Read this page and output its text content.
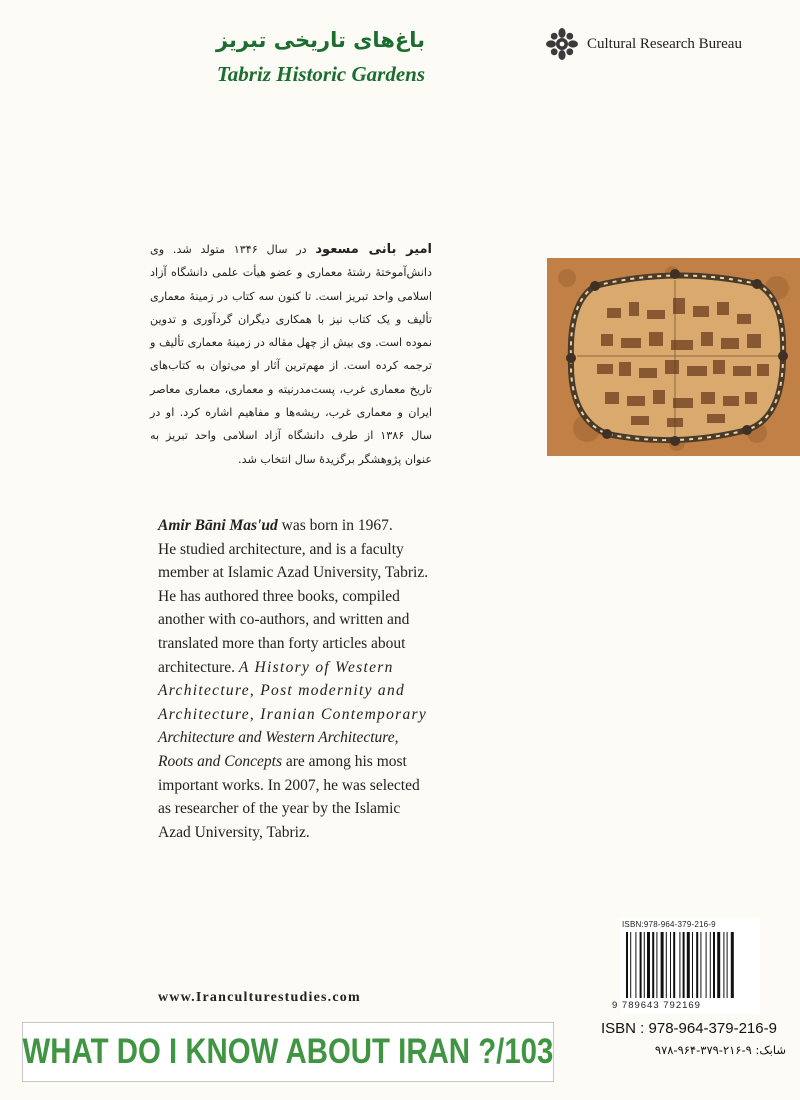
باغ‌های تاریخی تبریز
Tabriz Historic Gardens
Cultural Research Bureau
امیر بانی مسعود در سال ۱۳۴۶ متولد شد. وی دانش‌آموختهٔ رشتهٔ معماری و عضو هیأت علمی دانشگاه آزاد اسلامی واحد تبریز است. تا کنون سه کتاب در زمینهٔ معماری تألیف و یک کتاب نیز با همکاری دیگران گردآوری و تدوین نموده است. وی بیش از چهل مقاله در زمینهٔ معماری تألیف و ترجمه کرده است. از مهم‌ترین آثار او می‌توان به کتاب‌های تاریخ معماری غرب، پست‌مدرنیته و معماری، معماری معاصر ایران و معماری غرب، ریشه‌ها و مفاهیم اشاره کرد. او در سال ۱۳۸۶ از طرف دانشگاه آزاد اسلامی واحد تبریز به عنوان پژوهشگر برگزیدهٔ سال انتخاب شد.
Amir Bāni Mas'ud was born in 1967.
He studied architecture, and is a faculty
member at Islamic Azad University, Tabriz.
He has authored three books, compiled
another with co-authors, and written and
translated more than forty articles about
architecture. A History of Western
Architecture, Post modernity and
Architecture, Iranian Contemporary
Architecture and Western Architecture,
Roots and Concepts are among his most
important works. In 2007, he was selected
as researcher of the year by the Islamic
Azad University, Tabriz.
www.Iranculturestudies.com
WHAT DO I KNOW ABOUT IRAN ?/103
ISBN:978-964-379-216-9
9 789643 792169
ISBN : 978-964-379-216-9
شابک: ۹-۲۱۶-۳۷۹-۹۶۴-۹۷۸
